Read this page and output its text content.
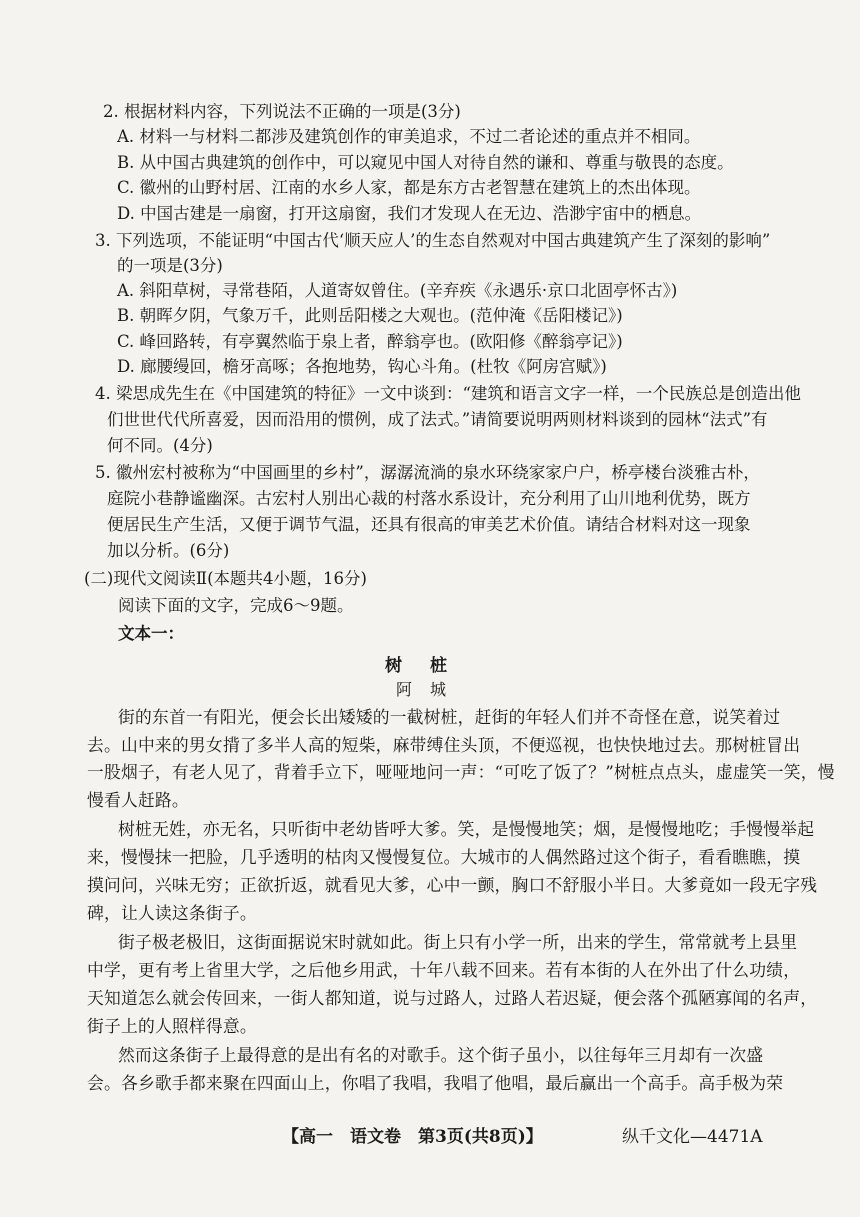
2. 根据材料内容，下列说法不正确的一项是(3分)
A. 材料一与材料二都涉及建筑创作的审美追求，不过二者论述的重点并不相同。
B. 从中国古典建筑的创作中，可以窥见中国人对待自然的谦和、尊重与敬畏的态度。
C. 徽州的山野村居、江南的水乡人家，都是东方古老智慧在建筑上的杰出体现。
D. 中国古建是一扇窗，打开这扇窗，我们才发现人在无边、浩渺宇宙中的栖息。
3. 下列选项，不能证明“中国古代‘顺天应人’的生态自然观对中国古典建筑产生了深刻的影响”
的一项是(3分)
A. 斜阳草树，寻常巷陌，人道寄奴曾住。(辛弃疾《永遇乐·京口北固亭怀古》)
B. 朝晖夕阴，气象万千，此则岳阳楼之大观也。(范仲淹《岳阳楼记》)
C. 峰回路转，有亭翼然临于泉上者，醉翁亭也。(欧阳修《醉翁亭记》)
D. 廊腰缦回，檐牙高啄；各抱地势，钩心斗角。(杜牧《阿房宫赋》)
4. 梁思成先生在《中国建筑的特征》一文中谈到：“建筑和语言文字一样，一个民族总是创造出他
们世世代代所喜爱，因而沿用的惯例，成了法式。”请简要说明两则材料谈到的园林“法式”有
何不同。(4分)
5. 徽州宏村被称为“中国画里的乡村”，潺潺流淌的泉水环绕家家户户，桥亭楼台淡雅古朴，
庭院小巷静谧幽深。古宏村人别出心裁的村落水系设计，充分利用了山川地利优势，既方
便居民生产生活，又便于调节气温，还具有很高的审美艺术价值。请结合材料对这一现象
加以分析。(6分)
(二)现代文阅读Ⅱ(本题共4小题，16分)
阅读下面的文字，完成6～9题。
文本一：
树桩
阿城
街的东首一有阳光，便会长出矮矮的一截树桩，赶街的年轻人们并不奇怪在意，说笑着过
去。山中来的男女揹了多半人高的短柴，麻带缚住头顶，不便巡视，也快快地过去。那树桩冒出
一股烟子，有老人见了，背着手立下，哑哑地问一声：“可吃了饭了？”树桩点点头，虚虚笑一笑，慢
慢看人赶路。
树桩无姓，亦无名，只听街中老幼皆呼大爹。笑，是慢慢地笑；烟，是慢慢地吃；手慢慢举起
来，慢慢抹一把脸，几乎透明的枯肉又慢慢复位。大城市的人偶然路过这个街子，看看瞧瞧，摸
摸问问，兴味无穷；正欲折返，就看见大爹，心中一颤，胸口不舒服小半日。大爹竟如一段无字残
碑，让人读这条街子。
街子极老极旧，这街面据说宋时就如此。街上只有小学一所，出来的学生，常常就考上县里
中学，更有考上省里大学，之后他乡用武，十年八载不回来。若有本街的人在外出了什么功绩，
天知道怎么就会传回来，一街人都知道，说与过路人，过路人若迟疑，便会落个孤陋寡闻的名声，
街子上的人照样得意。
然而这条街子上最得意的是出有名的对歌手。这个街子虽小，以往每年三月却有一次盛
会。各乡歌手都来聚在四面山上，你唱了我唱，我唱了他唱，最后赢出一个高手。高手极为荣
【高一　语文卷　第3页(共8页)】	纵千文化—4471A
